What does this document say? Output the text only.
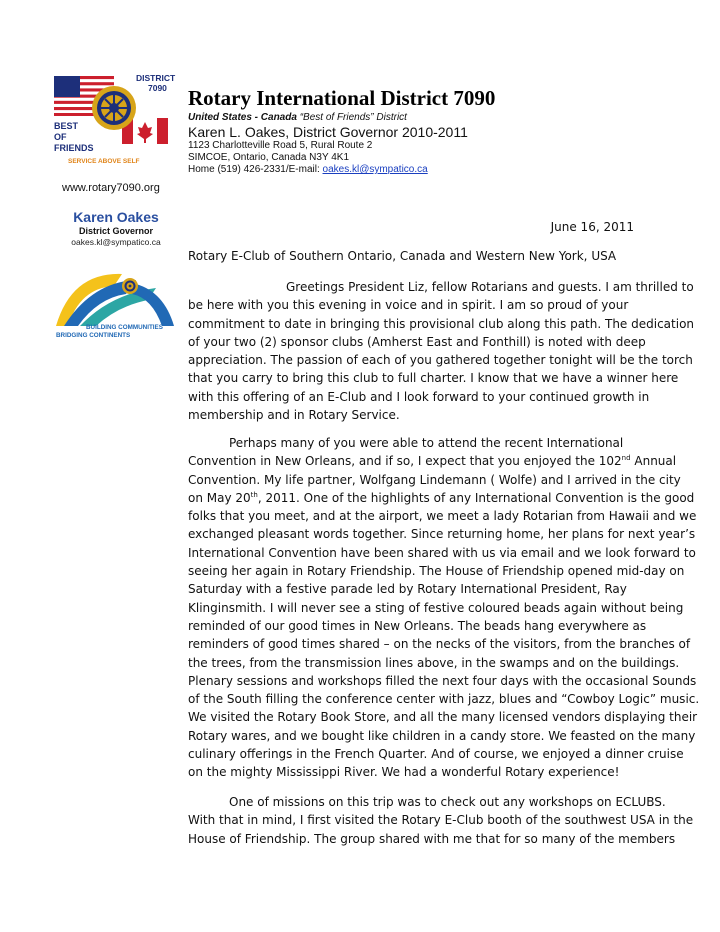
DISTRICT
7090
BEST
OF
FRIENDS
SERVICE ABOVE SELF
www.rotary7090.org
Karen Oakes
District Governor
oakes.kl@sympatico.ca
BUILDING COMMUNITIES
BRIDGING CONTINENTS
Rotary International District 7090
United States - Canada “Best of Friends” District
Karen L. Oakes, District Governor 2010-2011
1123 Charlotteville Road 5, Rural Route 2
SIMCOE, Ontario, Canada N3Y 4K1
Home (519) 426-2331/E-mail: oakes.kl@sympatico.ca
June 16, 2011
Rotary E-Club of Southern Ontario, Canada and Western New York, USA
Greetings President Liz, fellow Rotarians and guests. I am thrilled to
be here with you this evening in voice and in spirit. I am so proud of your
commitment to date in bringing this provisional club along this path. The dedication
of your two (2) sponsor clubs (Amherst East and Fonthill) is noted with deep
appreciation. The passion of each of you gathered together tonight will be the torch
that you carry to bring this club to full charter. I know that we have a winner here
with this offering of an E-Club and I look forward to your continued growth in
membership and in Rotary Service.
Perhaps many of you were able to attend the recent International
Convention in New Orleans, and if so, I expect that you enjoyed the 102nd Annual
Convention. My life partner, Wolfgang Lindemann ( Wolfe) and I arrived in the city
on May 20th, 2011. One of the highlights of any International Convention is the good
folks that you meet, and at the airport, we meet a lady Rotarian from Hawaii and we
exchanged pleasant words together. Since returning home, her plans for next year’s
International Convention have been shared with us via email and we look forward to
seeing her again in Rotary Friendship. The House of Friendship opened mid-day on
Saturday with a festive parade led by Rotary International President, Ray
Klinginsmith. I will never see a sting of festive coloured beads again without being
reminded of our good times in New Orleans. The beads hang everywhere as
reminders of good times shared – on the necks of the visitors, from the branches of
the trees, from the transmission lines above, in the swamps and on the buildings.
Plenary sessions and workshops filled the next four days with the occasional Sounds
of the South filling the conference center with jazz, blues and “Cowboy Logic” music.
We visited the Rotary Book Store, and all the many licensed vendors displaying their
Rotary wares, and we bought like children in a candy store. We feasted on the many
culinary offerings in the French Quarter. And of course, we enjoyed a dinner cruise
on the mighty Mississippi River. We had a wonderful Rotary experience!
One of missions on this trip was to check out any workshops on ECLUBS.
With that in mind, I first visited the Rotary E-Club booth of the southwest USA in the
House of Friendship. The group shared with me that for so many of the members
